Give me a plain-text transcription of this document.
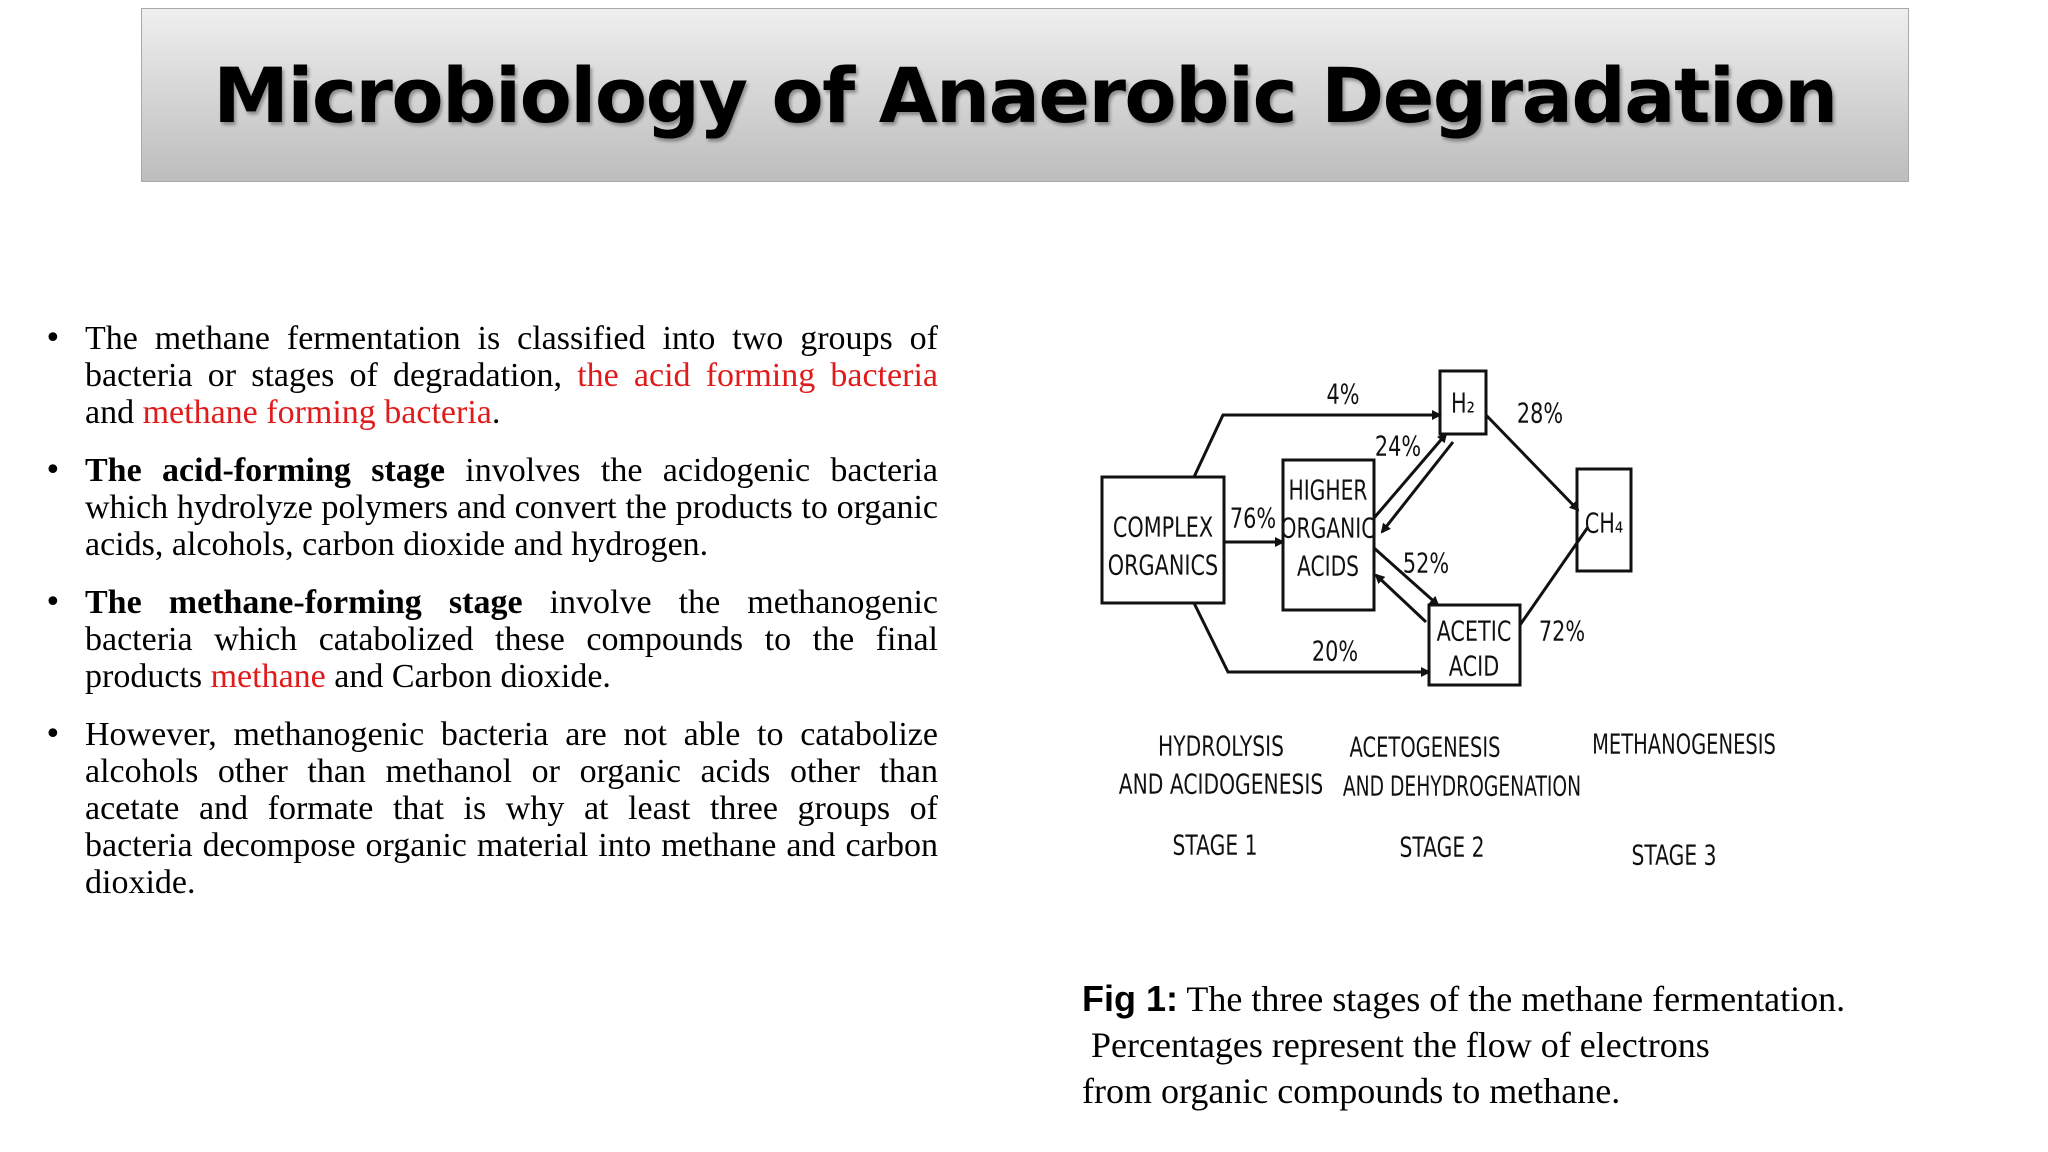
Microbiology of Anaerobic Degradation
• The methane fermentation is classified into two groups of bacteria or stages of degradation, the acid forming bacteria and methane forming bacteria.
• The acid-forming stage involves the acidogenic bacteria which hydrolyze polymers and convert the products to organic acids, alcohols, carbon dioxide and hydrogen.
• The methane-forming stage involve the methanogenic bacteria which catabolized these compounds to the final products methane and Carbon dioxide.
• However, methanogenic bacteria are not able to catabolize alcohols other than methanol or organic acids other than acetate and formate that is why at least three groups of bacteria decompose organic material into methane and carbon dioxide.
COMPLEX
ORGANICS
HIGHER
ORGANIC
ACIDS
H₂
ACETIC
ACID
CH₄
4%
76%
24%
52%
20%
28%
72%
HYDROLYSIS
AND ACIDOGENESIS
STAGE 1
ACETOGENESIS
AND DEHYDROGENATION
STAGE 2
METHANOGENESIS
STAGE 3
Fig 1: The three stages of the methane fermentation.
Percentages represent the flow of electrons
from organic compounds to methane.
